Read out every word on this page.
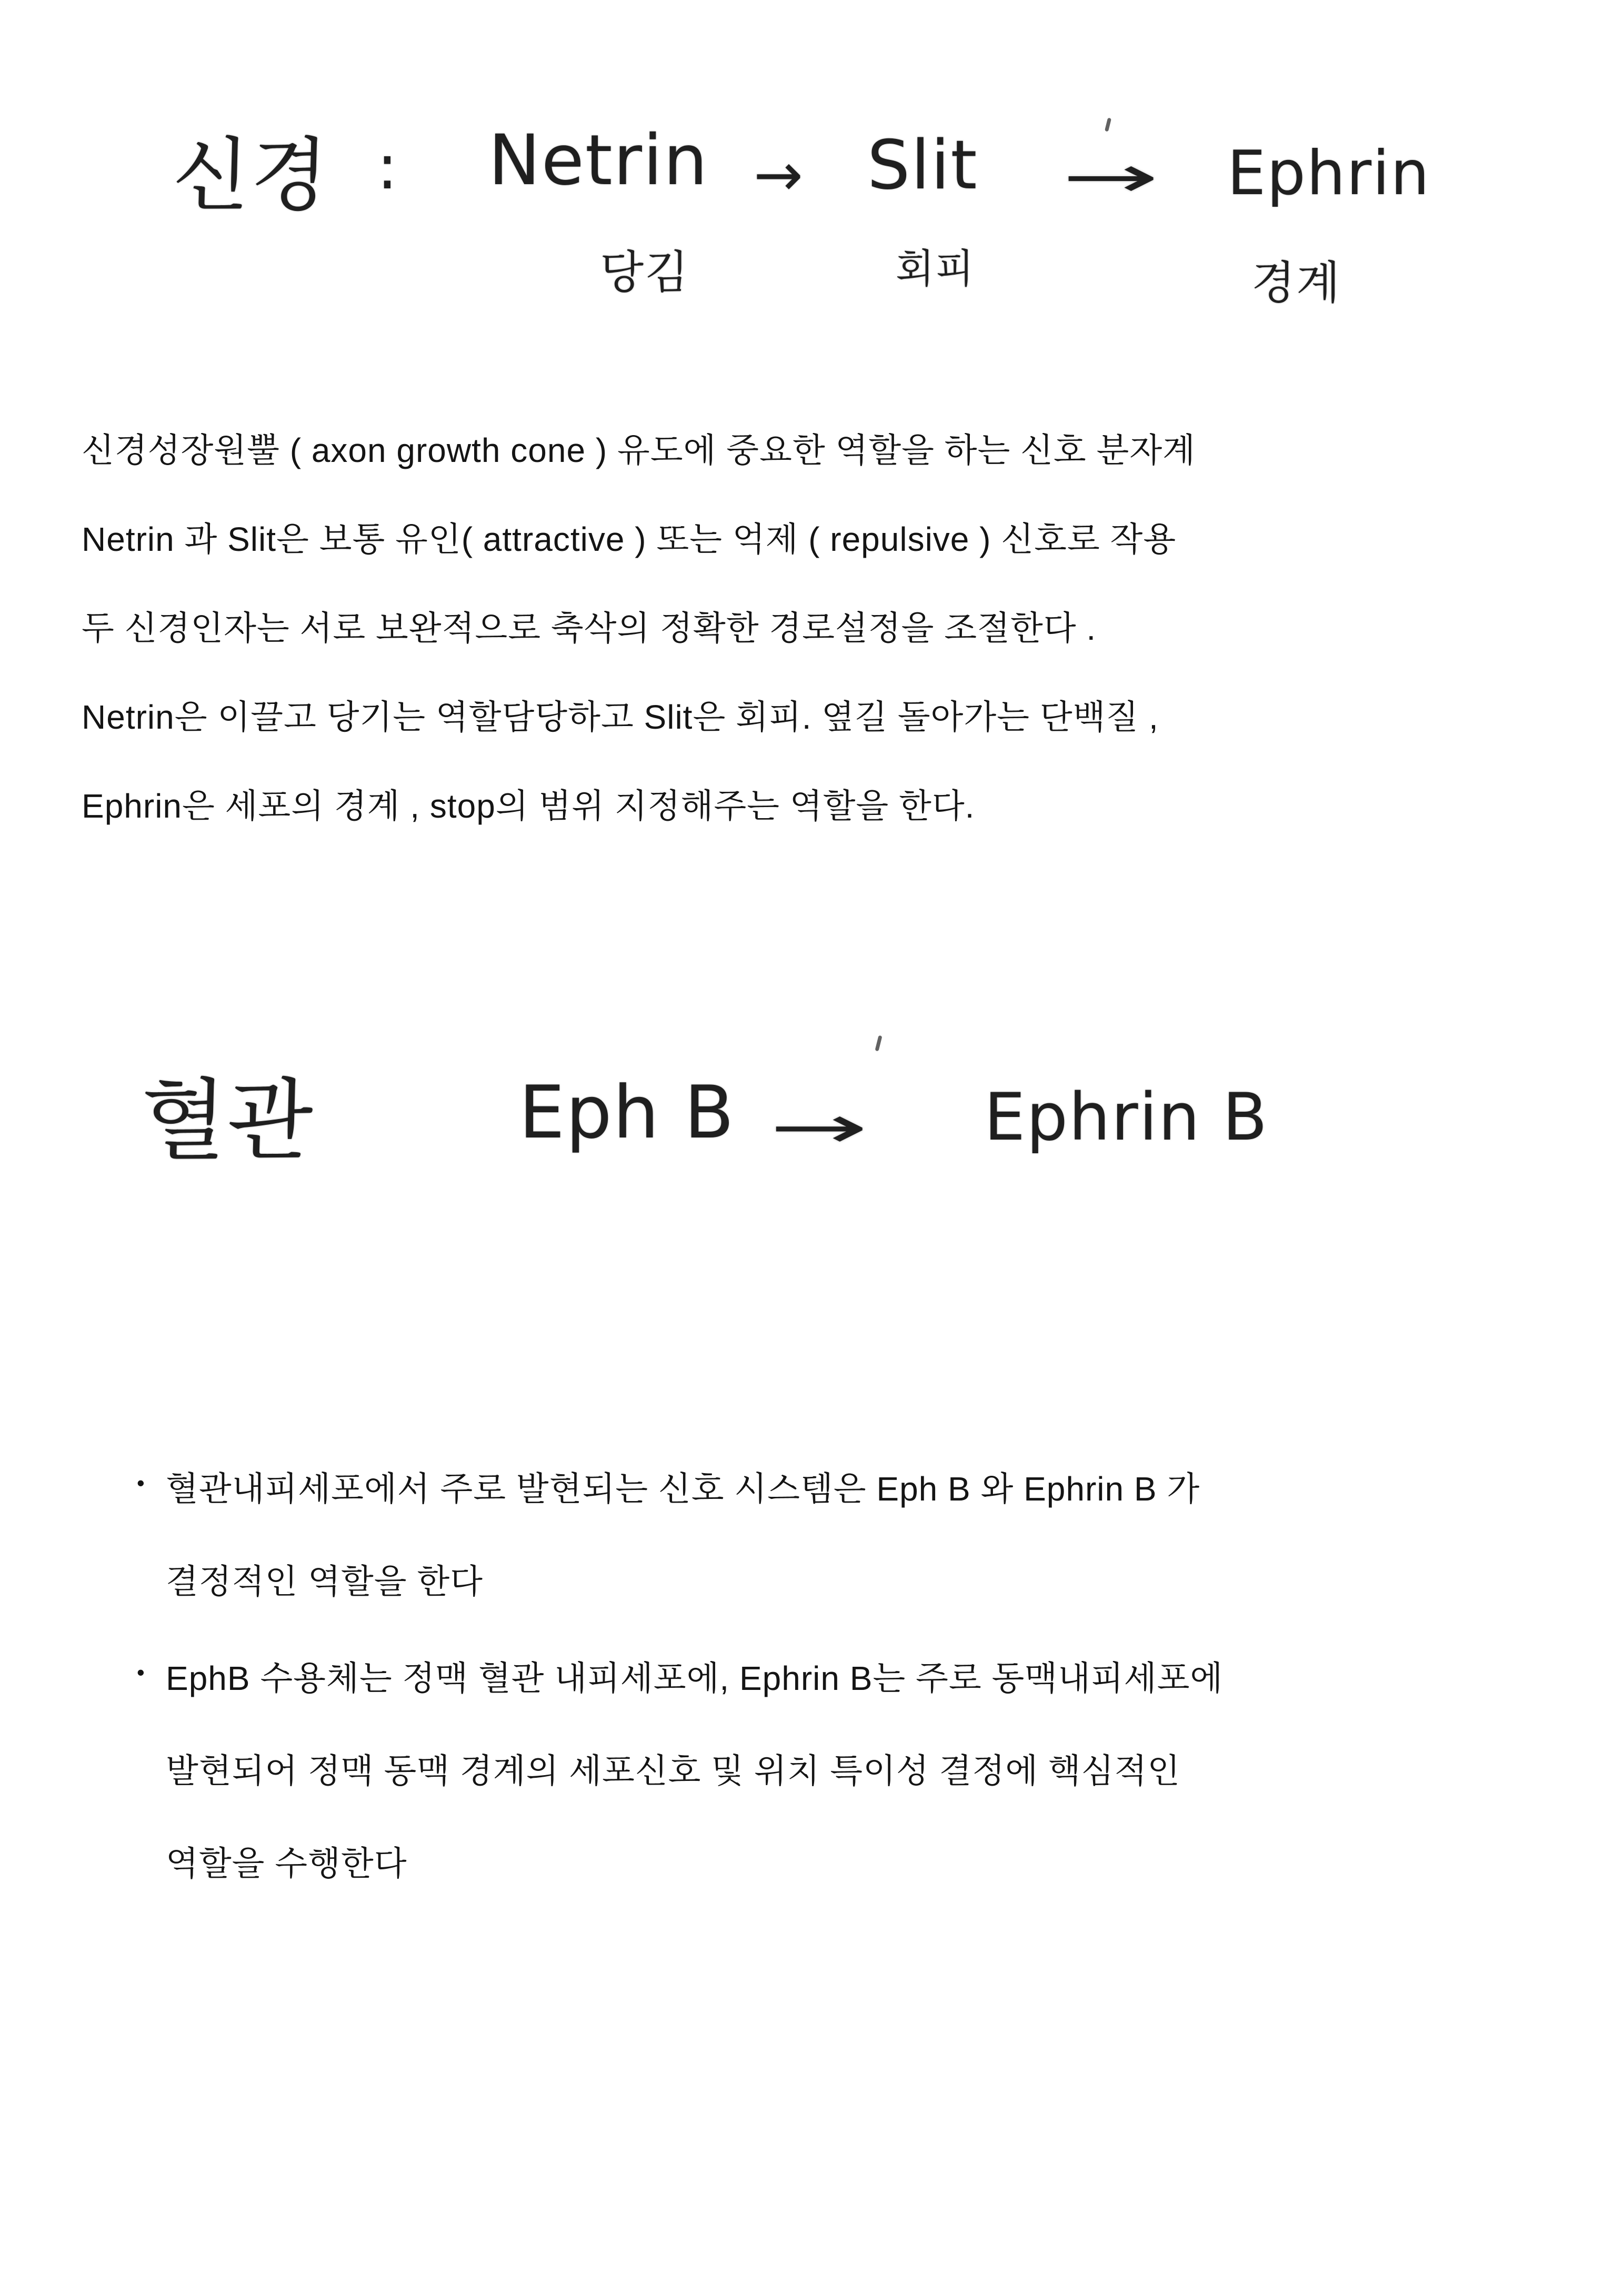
신경 : Netrin → Slit → Ephrin
당김	회피	경계
신경성장원뿔 ( axon growth cone ) 유도에 중요한 역할을 하는 신호 분자계
Netrin 과 Slit은 보통 유인( attractive ) 또는 억제 ( repulsive ) 신호로 작용
두 신경인자는 서로 보완적으로 축삭의 정확한 경로설정을 조절한다 .
Netrin은 이끌고 당기는 역할담당하고 Slit은 회피. 옆길 돌아가는 단백질 ,
Ephrin은 세포의 경계 , stop의 범위 지정해주는 역할을 한다.
혈관	Eph B → Ephrin B
• 혈관내피세포에서 주로 발현되는 신호 시스템은 Eph B 와 Ephrin B 가
결정적인 역할을 한다
• EphB 수용체는 정맥 혈관 내피세포에, Ephrin B는 주로 동맥내피세포에
발현되어 정맥 동맥 경계의 세포신호 및 위치 특이성 결정에 핵심적인
역할을 수행한다
